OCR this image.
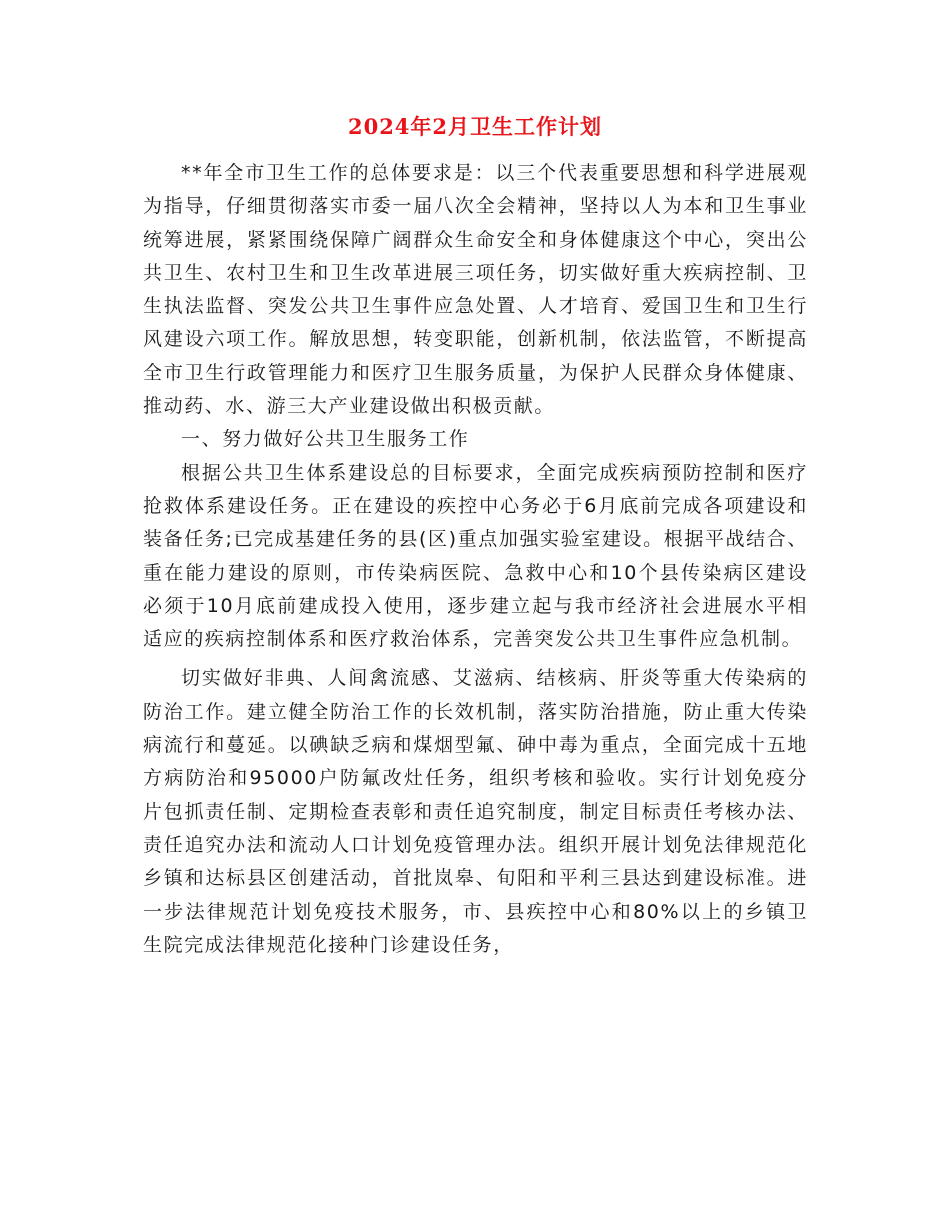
2024年2月卫生工作计划

**年全市卫生工作的总体要求是：以三个代表重要思想和科学进展观为指导，仔细贯彻落实市委一届八次全会精神，坚持以人为本和卫生事业统筹进展，紧紧围绕保障广阔群众生命安全和身体健康这个中心，突出公共卫生、农村卫生和卫生改革进展三项任务，切实做好重大疾病控制、卫生执法监督、突发公共卫生事件应急处置、人才培育、爱国卫生和卫生行风建设六项工作。解放思想，转变职能，创新机制，依法监管，不断提高全市卫生行政管理能力和医疗卫生服务质量，为保护人民群众身体健康、推动药、水、游三大产业建设做出积极贡献。

一、努力做好公共卫生服务工作

根据公共卫生体系建设总的目标要求，全面完成疾病预防控制和医疗抢救体系建设任务。正在建设的疾控中心务必于6月底前完成各项建设和装备任务;已完成基建任务的县(区)重点加强实验室建设。根据平战结合、重在能力建设的原则，市传染病医院、急救中心和10个县传染病区建设必须于10月底前建成投入使用，逐步建立起与我市经济社会进展水平相适应的疾病控制体系和医疗救治体系，完善突发公共卫生事件应急机制。

切实做好非典、人间禽流感、艾滋病、结核病、肝炎等重大传染病的防治工作。建立健全防治工作的长效机制，落实防治措施，防止重大传染病流行和蔓延。以碘缺乏病和煤烟型氟、砷中毒为重点，全面完成十五地方病防治和95000户防氟改灶任务，组织考核和验收。实行计划免疫分片包抓责任制、定期检查表彰和责任追究制度，制定目标责任考核办法、责任追究办法和流动人口计划免疫管理办法。组织开展计划免法律规范化乡镇和达标县区创建活动，首批岚皋、旬阳和平利三县达到建设标准。进一步法律规范计划免疫技术服务，市、县疾控中心和80%以上的乡镇卫生院完成法律规范化接种门诊建设任务，
